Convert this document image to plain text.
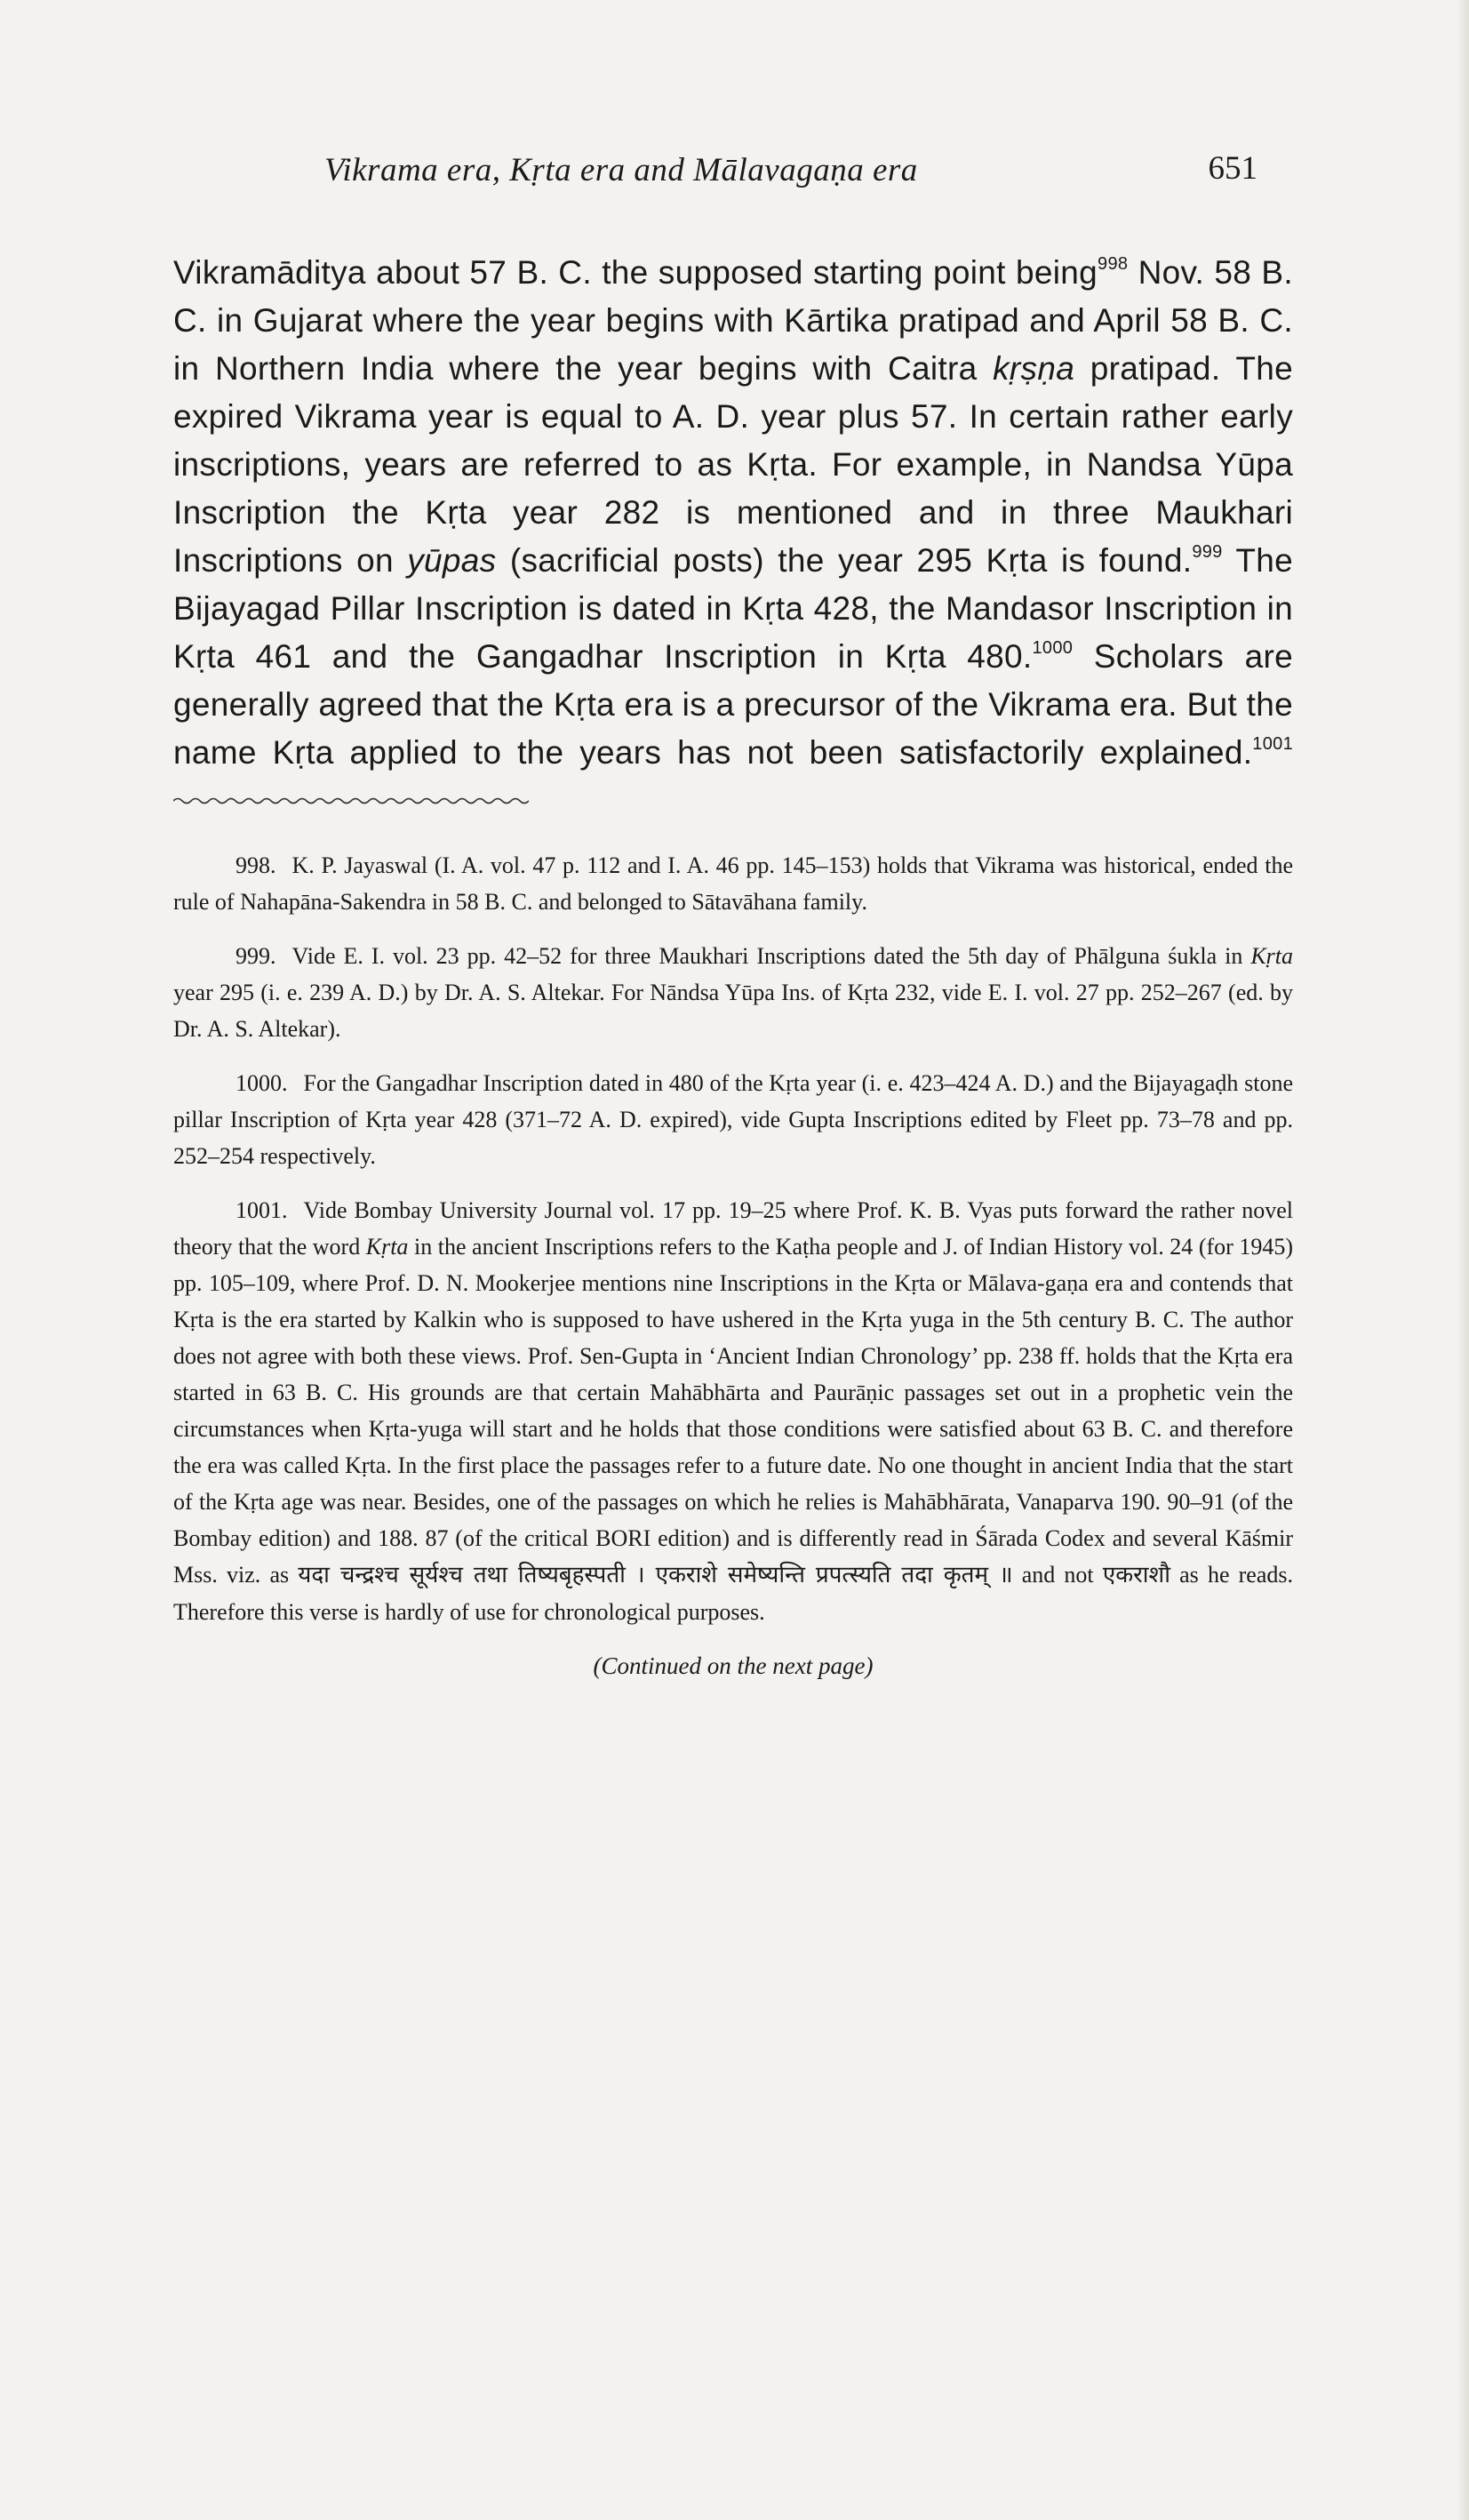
Vikrama era, Kṛta era and Mālavagaṇa era	651

Vikramāditya about 57 B. C. the supposed starting point being$^{998}$ Nov. 58 B. C. in Gujarat where the year begins with Kārtika pratipad and April 58 B. C. in Northern India where the year begins with Caitra kṛṣṇa pratipad. The expired Vikrama year is equal to A. D. year plus 57. In certain rather early inscriptions, years are referred to as Kṛta. For example, in Nandsa Yūpa Inscription the Kṛta year 282 is mentioned and in three Maukhari Inscriptions on yūpas (sacrificial posts) the year 295 Kṛta is found.$^{999}$ The Bijayagad Pillar Inscription is dated in Kṛta 428, the Mandasor Inscription in Kṛta 461 and the Gangadhar Inscription in Kṛta 480.$^{1000}$ Scholars are generally agreed that the Kṛta era is a precursor of the Vikrama era. But the name Kṛta applied to the years has not been satisfactorily explained.$^{1001}$

998. K. P. Jayaswal (I. A. vol. 47 p. 112 and I. A. 46 pp. 145–153) holds that Vikrama was historical, ended the rule of Nahapāna-Sakendra in 58 B. C. and belonged to Sātavāhana family.

999. Vide E. I. vol. 23 pp. 42–52 for three Maukhari Inscriptions dated the 5th day of Phālguna śukla in Kṛta year 295 (i. e. 239 A. D.) by Dr. A. S. Altekar. For Nāndsa Yūpa Ins. of Kṛta 232, vide E. I. vol. 27 pp. 252–267 (ed. by Dr. A. S. Altekar).

1000. For the Gangadhar Inscription dated in 480 of the Kṛta year (i. e. 423–424 A. D.) and the Bijayagaḍh stone pillar Inscription of Kṛta year 428 (371–72 A. D. expired), vide Gupta Inscriptions edited by Fleet pp. 73–78 and pp. 252–254 respectively.

1001. Vide Bombay University Journal vol. 17 pp. 19–25 where Prof. K. B. Vyas puts forward the rather novel theory that the word Kṛta in the ancient Inscriptions refers to the Kaṭha people and J. of Indian History vol. 24 (for 1945) pp. 105–109, where Prof. D. N. Mookerjee mentions nine Inscriptions in the Kṛta or Mālava-gaṇa era and contends that Kṛta is the era started by Kalkin who is supposed to have ushered in the Kṛta yuga in the 5th century B. C. The author does not agree with both these views. Prof. Sen-Gupta in ‘Ancient Indian Chronology’ pp. 238 ff. holds that the Kṛta era started in 63 B. C. His grounds are that certain Mahābhārta and Paurāṇic passages set out in a prophetic vein the circumstances when Kṛta-yuga will start and he holds that those conditions were satisfied about 63 B. C. and therefore the era was called Kṛta. In the first place the passages refer to a future date. No one thought in ancient India that the start of the Kṛta age was near. Besides, one of the passages on which he relies is Mahābhārata, Vanaparva 190. 90–91 (of the Bombay edition) and 188. 87 (of the critical BORI edition) and is differently read in Śārada Codex and several Kāśmir Mss. viz. as यदा चन्द्रश्च सूर्यश्च तथा तिष्यबृहस्पती । एकराशे समेष्यन्ति प्रपत्स्यति तदा कृतम् ॥ and not एकराशौ as he reads. Therefore this verse is hardly of use for chronological purposes.

(Continued on the next page)
